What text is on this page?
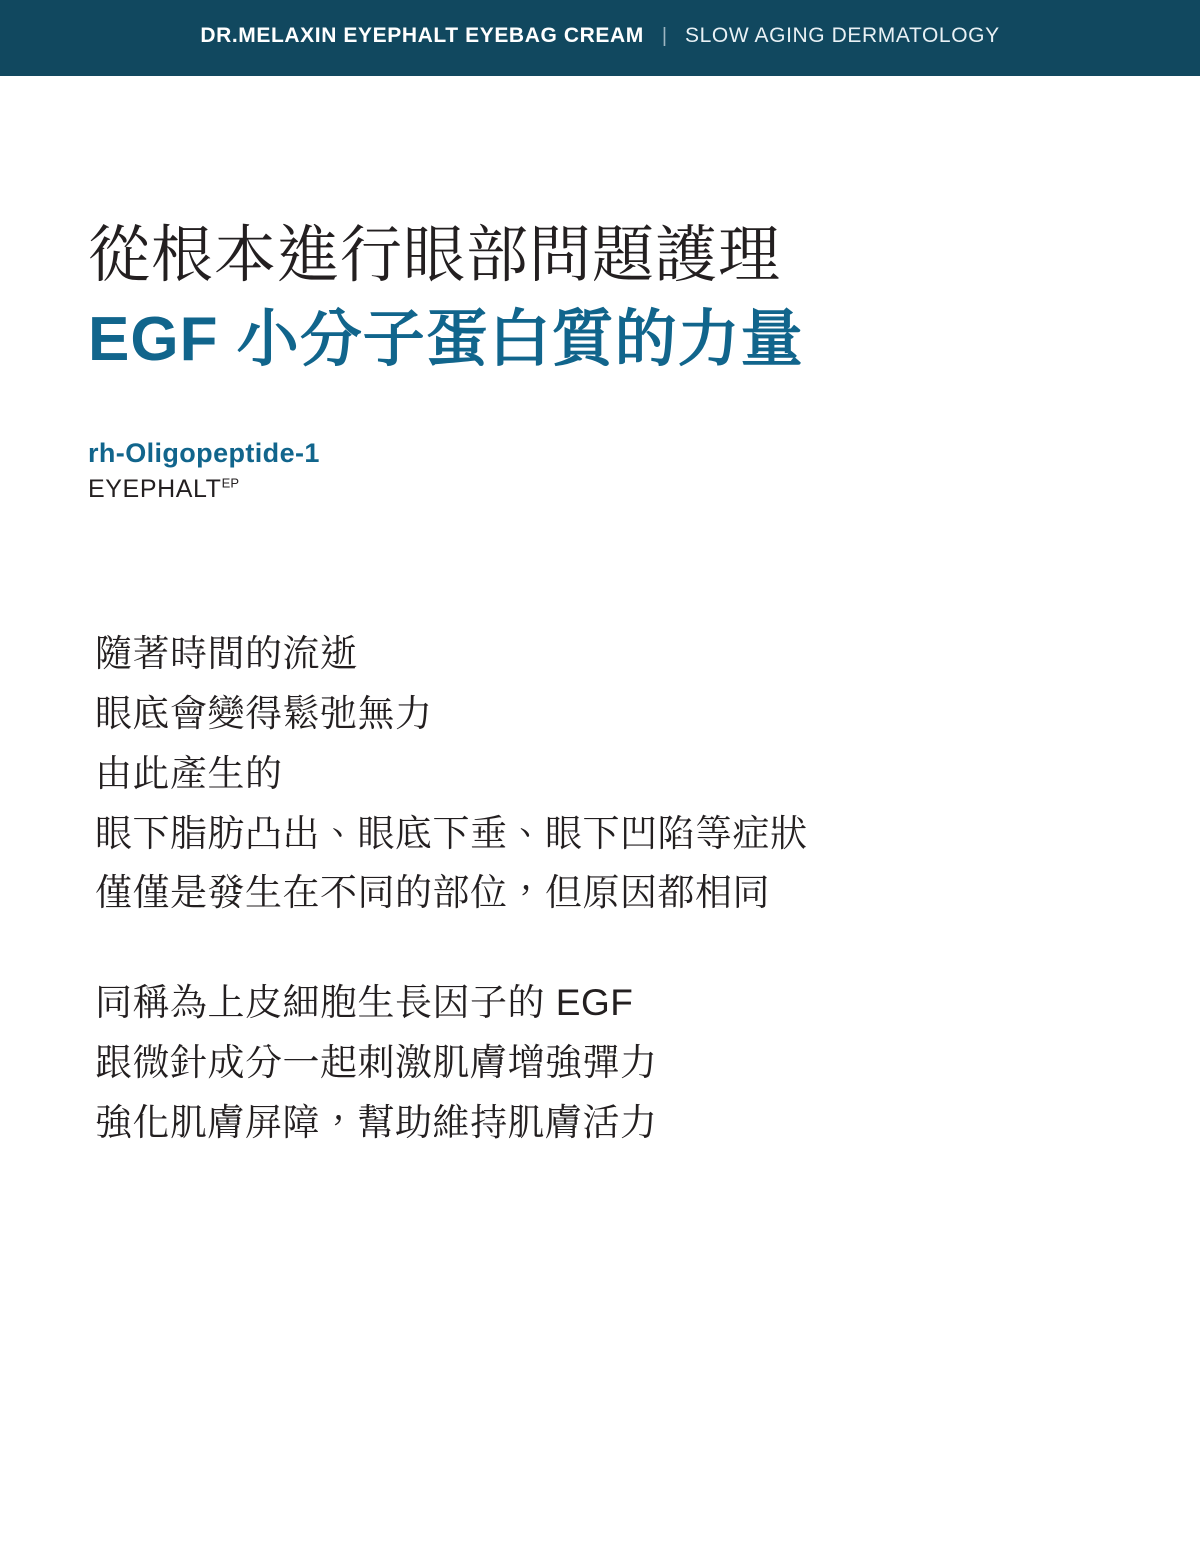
DR.MELAXIN EYEPHALT EYEBAG CREAM | SLOW AGING DERMATOLOGY
從根本進行眼部問題護理
EGF 小分子蛋白質的力量
rh-Oligopeptide-1
$EYEPHALT^{EP}$
隨著時間的流逝
眼底會變得鬆弛無力
由此產生的
眼下脂肪凸出、眼底下垂、眼下凹陷等症狀
僅僅是發生在不同的部位，但原因都相同
同稱為上皮細胞生長因子的 EGF
跟微針成分一起刺激肌膚增強彈力
強化肌膚屏障，幫助維持肌膚活力
